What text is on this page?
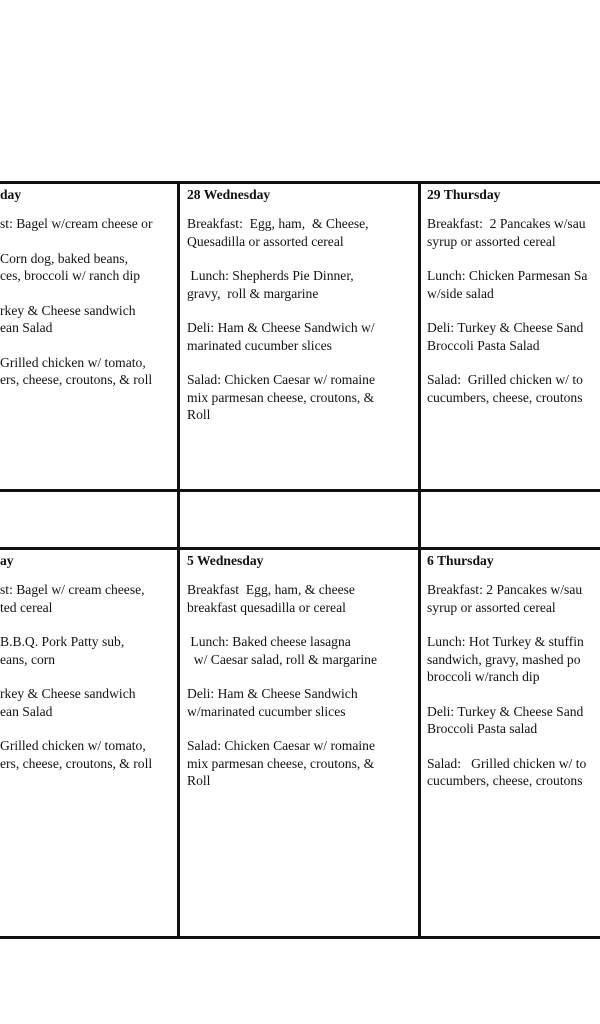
day
st: Bagel w/cream cheese or

Corn dog, baked beans,
ces, broccoli w/ ranch dip
rkey & Cheese sandwich
ean Salad
Grilled chicken w/ tomato,
ers, cheese, croutons, & roll
28 Wednesday
Breakfast:  Egg, ham,  & Cheese,
Quesadilla or assorted cereal
Lunch: Shepherds Pie Dinner,
gravy,  roll & margarine
Deli: Ham & Cheese Sandwich w/
marinated cucumber slices
Salad: Chicken Caesar w/ romaine
mix parmesan cheese, croutons, &
Roll
29 Thursday
Breakfast:  2 Pancakes w/sau
syrup or assorted cereal
Lunch: Chicken Parmesan Sa
w/side salad
Deli: Turkey & Cheese Sand
Broccoli Pasta Salad
Salad:  Grilled chicken w/ to
cucumbers, cheese, croutons
ay
st: Bagel w/ cream cheese,
ted cereal
B.B.Q. Pork Patty sub,
eans, corn
rkey & Cheese sandwich
ean Salad
Grilled chicken w/ tomato,
ers, cheese, croutons, & roll
5 Wednesday
Breakfast  Egg, ham, & cheese
breakfast quesadilla or cereal
Lunch: Baked cheese lasagna
w/ Caesar salad, roll & margarine
Deli: Ham & Cheese Sandwich
w/marinated cucumber slices
Salad: Chicken Caesar w/ romaine
mix parmesan cheese, croutons, &
Roll
6 Thursday
Breakfast: 2 Pancakes w/sau
syrup or assorted cereal
Lunch: Hot Turkey & stuffin
sandwich, gravy, mashed po
broccoli w/ranch dip
Deli: Turkey & Cheese Sand
Broccoli Pasta salad
Salad:   Grilled chicken w/ to
cucumbers, cheese, croutons
